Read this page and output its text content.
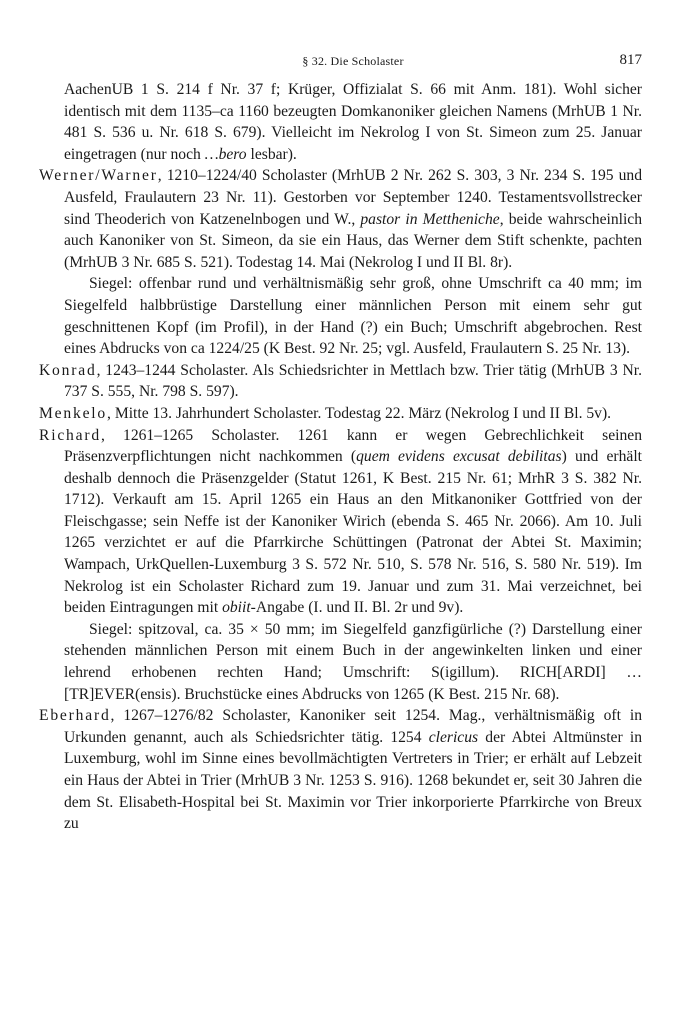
§ 32. Die Scholaster	817

AachenUB 1 S. 214 f Nr. 37 f; Krüger, Offizialat S. 66 mit Anm. 181). Wohl sicher identisch mit dem 1135–ca 1160 bezeugten Domkanoniker gleichen Namens (MrhUB 1 Nr. 481 S. 536 u. Nr. 618 S. 679). Vielleicht im Nekrolog I von St. Simeon zum 25. Januar eingetragen (nur noch …bero lesbar).

Werner/Warner, 1210–1224/40 Scholaster (MrhUB 2 Nr. 262 S. 303, 3 Nr. 234 S. 195 und Ausfeld, Fraulautern 23 Nr. 11). Gestorben vor September 1240. Testamentsvollstrecker sind Theoderich von Katzenelnbogen und W., pastor in Mettheniche, beide wahrscheinlich auch Kanoniker von St. Simeon, da sie ein Haus, das Werner dem Stift schenkte, pachten (MrhUB 3 Nr. 685 S. 521). Todestag 14. Mai (Nekrolog I und II Bl. 8r).

Siegel: offenbar rund und verhältnismäßig sehr groß, ohne Umschrift ca 40 mm; im Siegelfeld halbbrüstige Darstellung einer männlichen Person mit einem sehr gut geschnittenen Kopf (im Profil), in der Hand (?) ein Buch; Umschrift abgebrochen. Rest eines Abdrucks von ca 1224/25 (K Best. 92 Nr. 25; vgl. Ausfeld, Fraulautern S. 25 Nr. 13).

Konrad, 1243–1244 Scholaster. Als Schiedsrichter in Mettlach bzw. Trier tätig (MrhUB 3 Nr. 737 S. 555, Nr. 798 S. 597).

Menkelo, Mitte 13. Jahrhundert Scholaster. Todestag 22. März (Nekrolog I und II Bl. 5v).

Richard, 1261–1265 Scholaster. 1261 kann er wegen Gebrechlichkeit seinen Präsenzverpflichtungen nicht nachkommen (quem evidens excusat debilitas) und erhält deshalb dennoch die Präsenzgelder (Statut 1261, K Best. 215 Nr. 61; MrhR 3 S. 382 Nr. 1712). Verkauft am 15. April 1265 ein Haus an den Mitkanoniker Gottfried von der Fleischgasse; sein Neffe ist der Kanoniker Wirich (ebenda S. 465 Nr. 2066). Am 10. Juli 1265 verzichtet er auf die Pfarrkirche Schüttingen (Patronat der Abtei St. Maximin; Wampach, UrkQuellen-Luxemburg 3 S. 572 Nr. 510, S. 578 Nr. 516, S. 580 Nr. 519). Im Nekrolog ist ein Scholaster Richard zum 19. Januar und zum 31. Mai verzeichnet, bei beiden Eintragungen mit obiit-Angabe (I. und II. Bl. 2r und 9v).

Siegel: spitzoval, ca. 35 × 50 mm; im Siegelfeld ganzfigürliche (?) Darstellung einer stehenden männlichen Person mit einem Buch in der angewinkelten linken und einer lehrend erhobenen rechten Hand; Umschrift: S(igillum). RICH[ARDI] … [TR]EVER(ensis). Bruchstücke eines Abdrucks von 1265 (K Best. 215 Nr. 68).

Eberhard, 1267–1276/82 Scholaster, Kanoniker seit 1254. Mag., verhältnismäßig oft in Urkunden genannt, auch als Schiedsrichter tätig. 1254 clericus der Abtei Altmünster in Luxemburg, wohl im Sinne eines bevollmächtigten Vertreters in Trier; er erhält auf Lebzeit ein Haus der Abtei in Trier (MrhUB 3 Nr. 1253 S. 916). 1268 bekundet er, seit 30 Jahren die dem St. Elisabeth-Hospital bei St. Maximin vor Trier inkorporierte Pfarrkirche von Breux zu
